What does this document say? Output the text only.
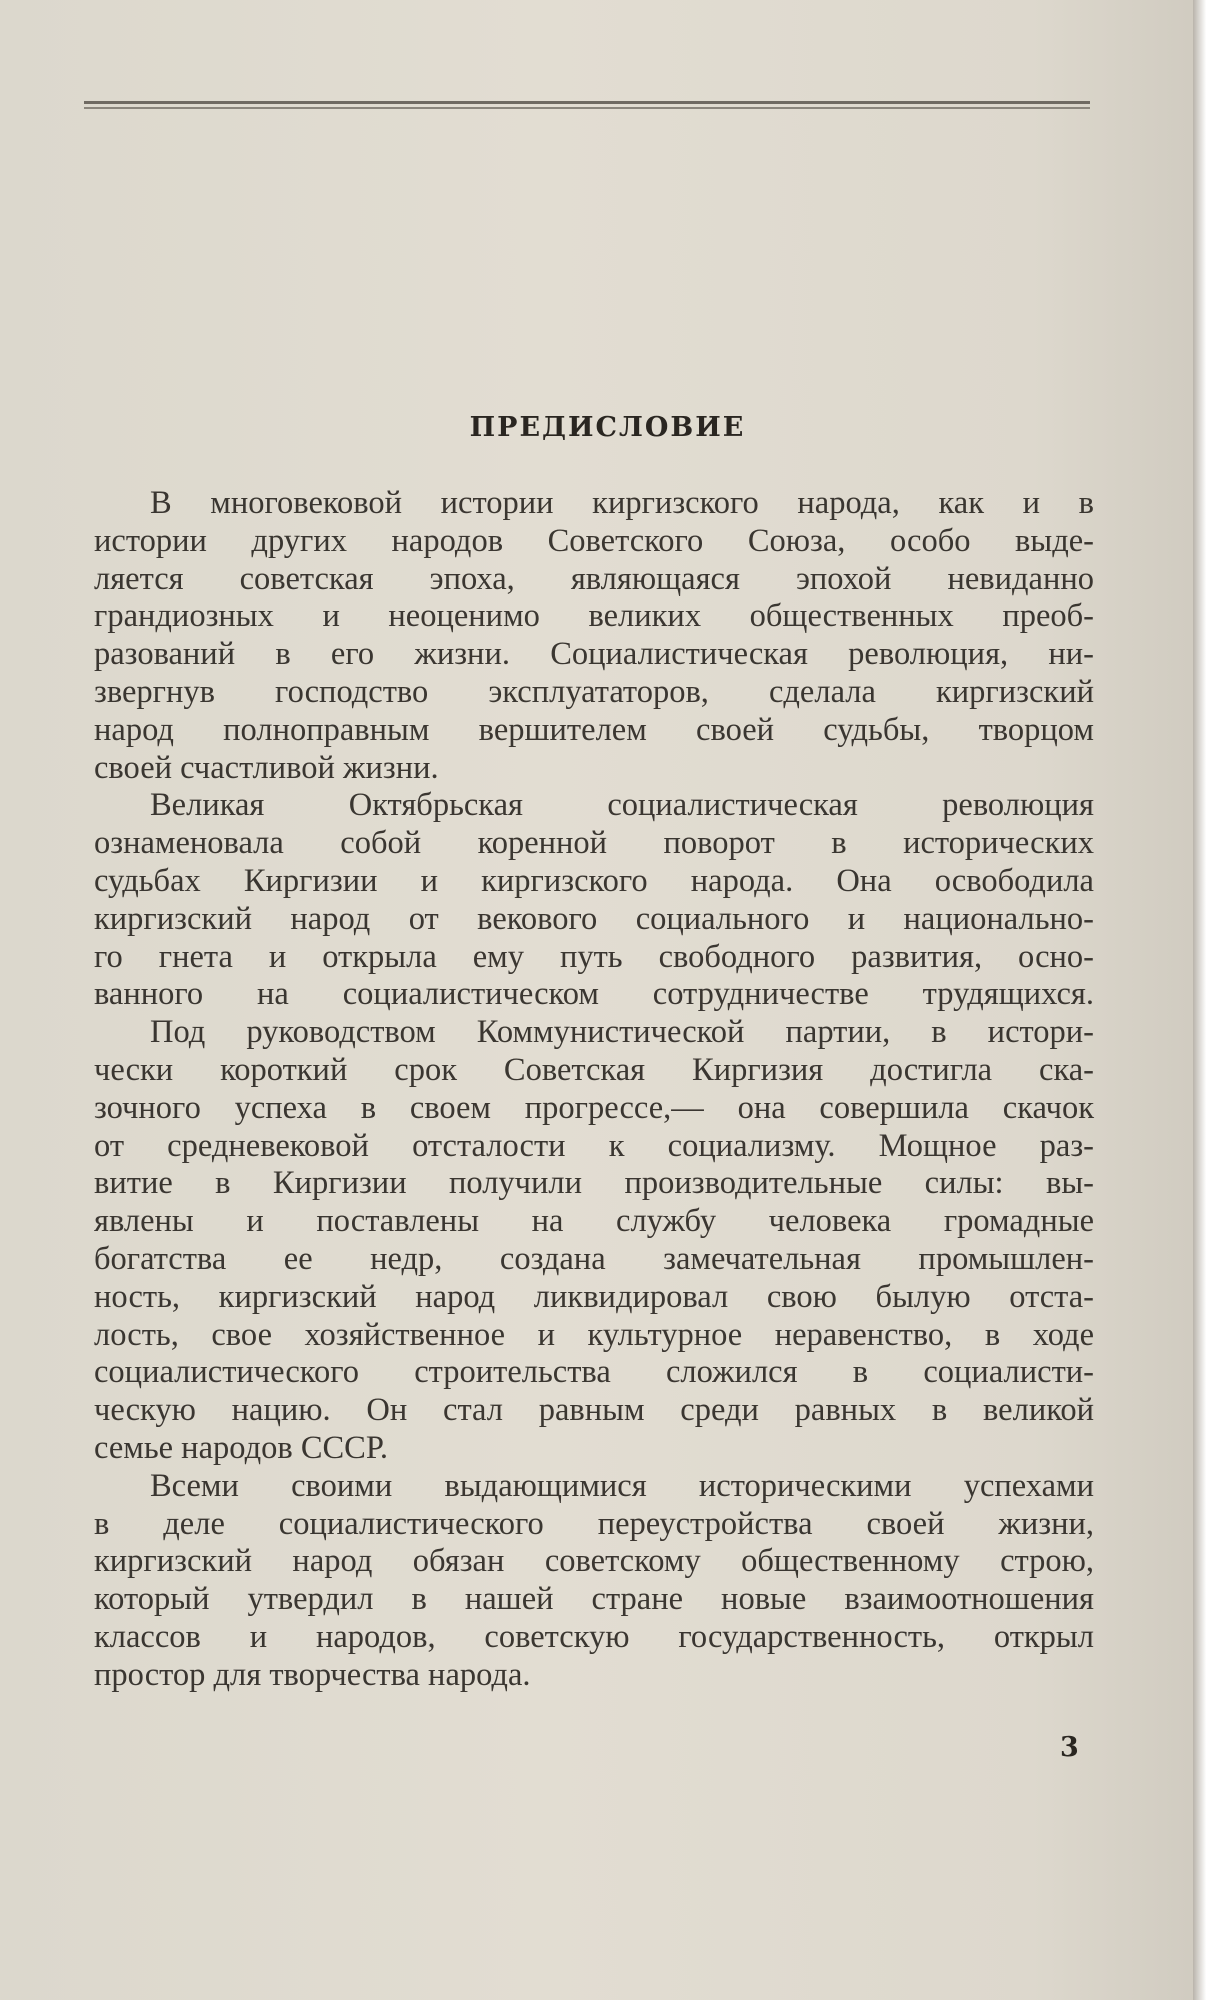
ПРЕДИСЛОВИЕ
В многовековой истории киргизского народа, как и в
истории других народов Советского Союза, особо выде-
ляется советская эпоха, являющаяся эпохой невиданно
грандиозных и неоценимо великих общественных преоб-
разований в его жизни. Социалистическая революция, ни-
звергнув господство эксплуататоров, сделала киргизский
народ полноправным вершителем своей судьбы, творцом
своей счастливой жизни.
Великая Октябрьская социалистическая революция
ознаменовала собой коренной поворот в исторических
судьбах Киргизии и киргизского народа. Она освободила
киргизский народ от векового социального и национально-
го гнета и открыла ему путь свободного развития, осно-
ванного на социалистическом сотрудничестве трудящихся.
Под руководством Коммунистической партии, в истори-
чески короткий срок Советская Киргизия достигла ска-
зочного успеха в своем прогрессе,— она совершила скачок
от средневековой отсталости к социализму. Мощное раз-
витие в Киргизии получили производительные силы: вы-
явлены и поставлены на службу человека громадные
богатства ее недр, создана замечательная промышлен-
ность, киргизский народ ликвидировал свою былую отста-
лость, свое хозяйственное и культурное неравенство, в ходе
социалистического строительства сложился в социалисти-
ческую нацию. Он стал равным среди равных в великой
семье народов СССР.
Всеми своими выдающимися историческими успехами
в деле социалистического переустройства своей жизни,
киргизский народ обязан советскому общественному строю,
который утвердил в нашей стране новые взаимоотношения
классов и народов, советскую государственность, открыл
простор для творчества народа.
3
